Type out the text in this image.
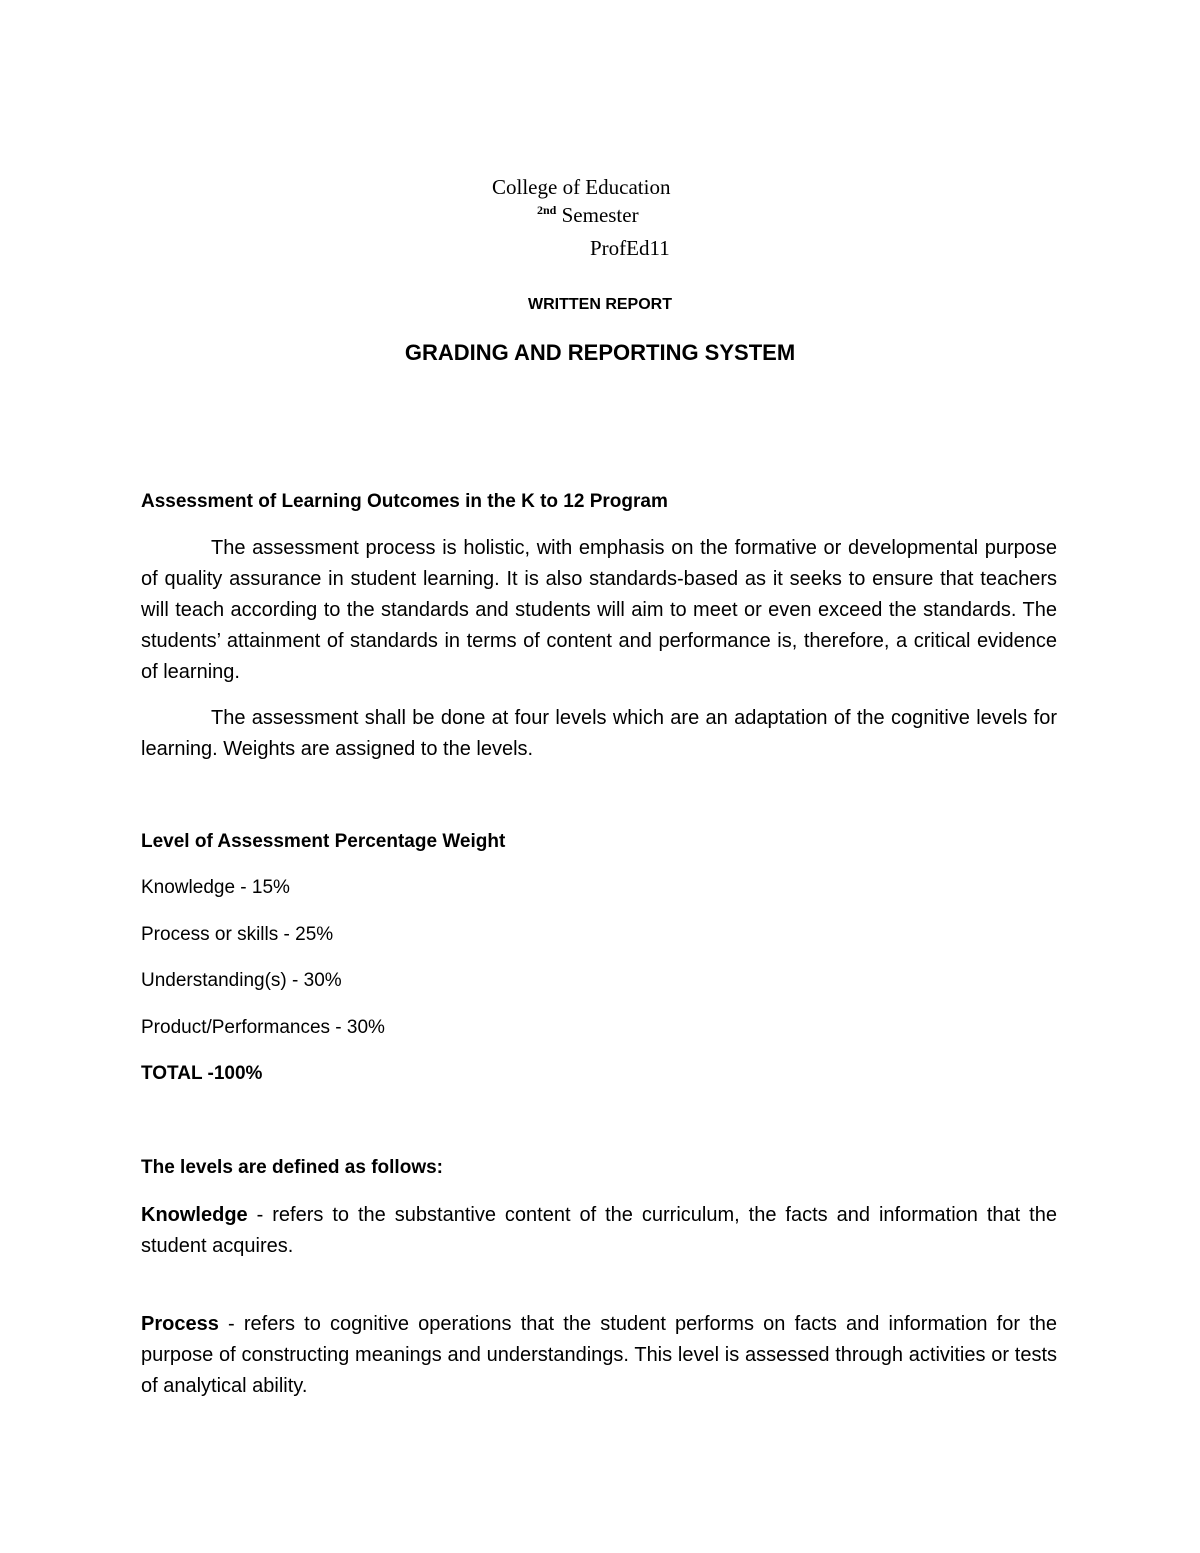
College of Education

$^{2nd}$ Semester

ProfEd11

WRITTEN REPORT

GRADING AND REPORTING SYSTEM

Assessment of Learning Outcomes in the K to 12 Program

The assessment process is holistic, with emphasis on the formative or developmental purpose of quality assurance in student learning. It is also standards-based as it seeks to ensure that teachers will teach according to the standards and students will aim to meet or even exceed the standards. The students’ attainment of standards in terms of content and performance is, therefore, a critical evidence of learning.

The assessment shall be done at four levels which are an adaptation of the cognitive levels for learning. Weights are assigned to the levels.

Level of Assessment Percentage Weight

Knowledge - 15%

Process or skills - 25%

Understanding(s) - 30%

Product/Performances - 30%

TOTAL -100%

The levels are defined as follows:

Knowledge - refers to the substantive content of the curriculum, the facts and information that the student acquires.

Process - refers to cognitive operations that the student performs on facts and information for the purpose of constructing meanings and understandings. This level is assessed through activities or tests of analytical ability.
